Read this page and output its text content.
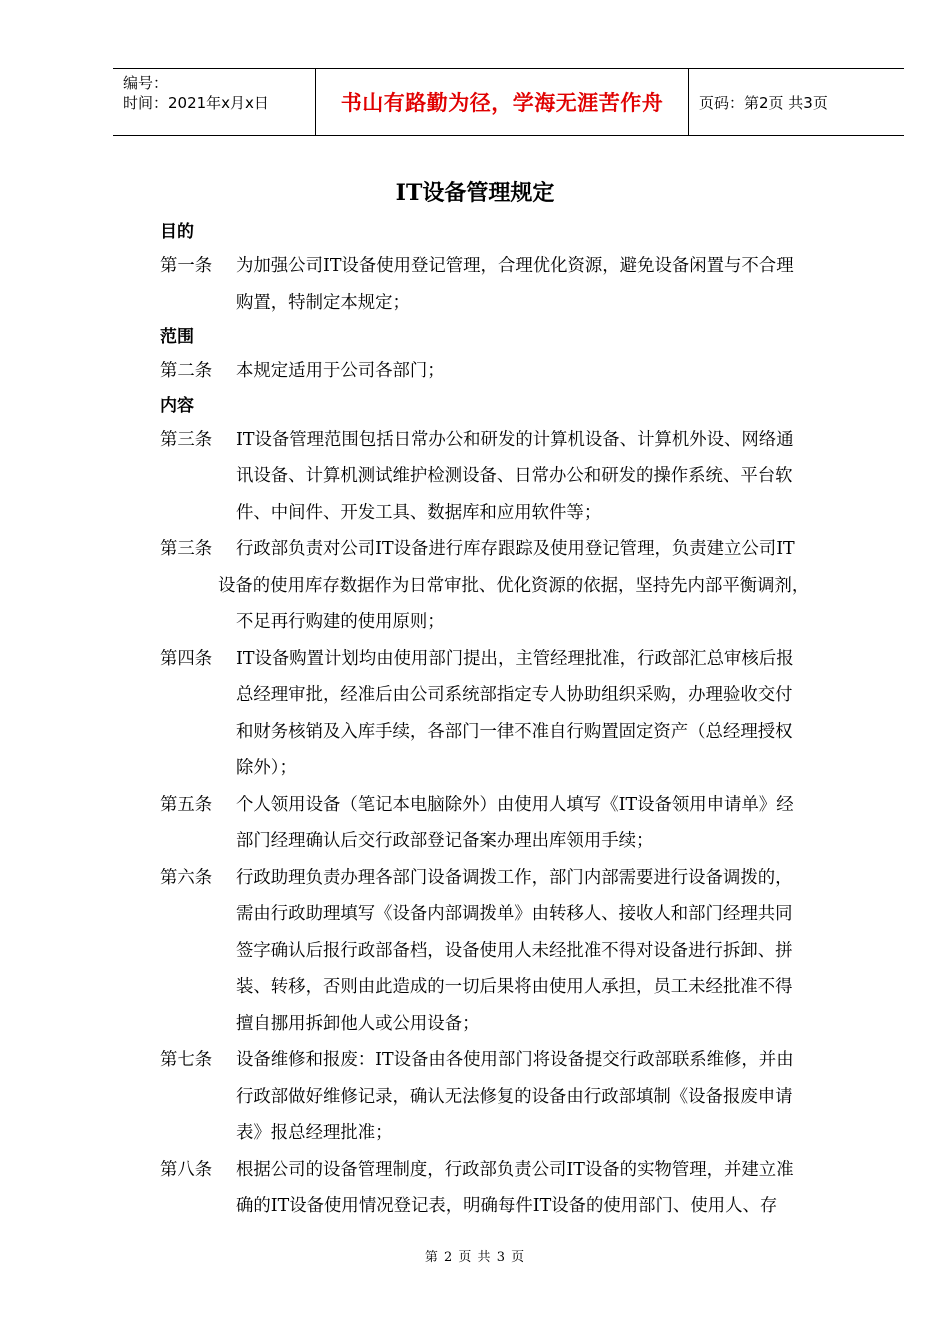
编号：
时间：2021年x月x日	书山有路勤为径，学海无涯苦作舟	页码：第2页 共3页
IT设备管理规定
目的
第一条	为加强公司IT设备使用登记管理，合理优化资源，避免设备闲置与不合理
购置，特制定本规定；
范围
第二条	本规定适用于公司各部门；
内容
第三条	IT设备管理范围包括日常办公和研发的计算机设备、计算机外设、网络通
讯设备、计算机测试维护检测设备、日常办公和研发的操作系统、平台软
件、中间件、开发工具、数据库和应用软件等；
第三条	行政部负责对公司IT设备进行库存跟踪及使用登记管理，负责建立公司IT
设备的使用库存数据作为日常审批、优化资源的依据，坚持先内部平衡调剂，
不足再行购建的使用原则；
第四条	IT设备购置计划均由使用部门提出，主管经理批准，行政部汇总审核后报
总经理审批，经准后由公司系统部指定专人协助组织采购，办理验收交付
和财务核销及入库手续，各部门一律不准自行购置固定资产（总经理授权
除外）；
第五条	个人领用设备（笔记本电脑除外）由使用人填写《IT设备领用申请单》经
部门经理确认后交行政部登记备案办理出库领用手续；
第六条	行政助理负责办理各部门设备调拨工作，部门内部需要进行设备调拨的，
需由行政助理填写《设备内部调拨单》由转移人、接收人和部门经理共同
签字确认后报行政部备档，设备使用人未经批准不得对设备进行拆卸、拼
装、转移，否则由此造成的一切后果将由使用人承担，员工未经批准不得
擅自挪用拆卸他人或公用设备；
第七条	设备维修和报废：IT设备由各使用部门将设备提交行政部联系维修，并由
行政部做好维修记录，确认无法修复的设备由行政部填制《设备报废申请
表》报总经理批准；
第八条	根据公司的设备管理制度，行政部负责公司IT设备的实物管理，并建立准
确的IT设备使用情况登记表，明确每件IT设备的使用部门、使用人、存
第 2 页 共 3 页
